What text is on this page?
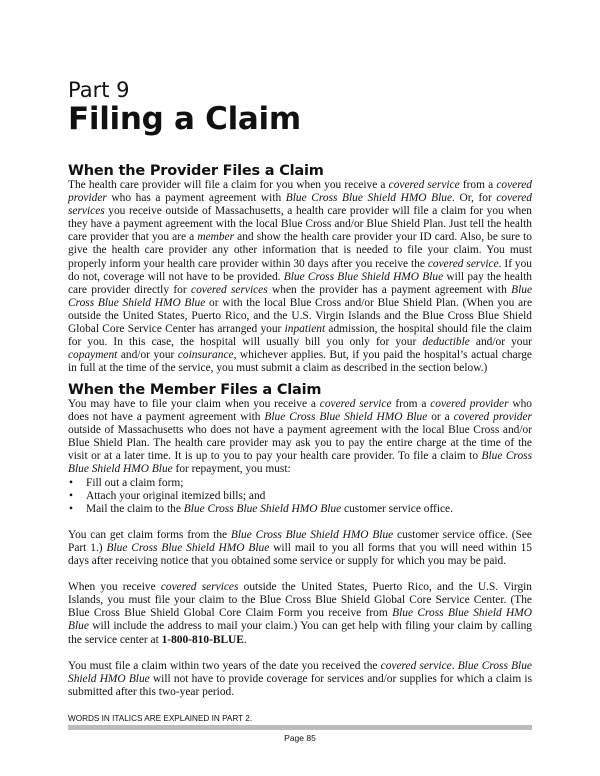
Part 9
Filing a Claim
When the Provider Files a Claim

The health care provider will file a claim for you when you receive a covered service from a covered provider who has a payment agreement with Blue Cross Blue Shield HMO Blue. Or, for covered services you receive outside of Massachusetts, a health care provider will file a claim for you when they have a payment agreement with the local Blue Cross and/or Blue Shield Plan. Just tell the health care provider that you are a member and show the health care provider your ID card. Also, be sure to give the health care provider any other information that is needed to file your claim. You must properly inform your health care provider within 30 days after you receive the covered service. If you do not, coverage will not have to be provided. Blue Cross Blue Shield HMO Blue will pay the health care provider directly for covered services when the provider has a payment agreement with Blue Cross Blue Shield HMO Blue or with the local Blue Cross and/or Blue Shield Plan. (When you are outside the United States, Puerto Rico, and the U.S. Virgin Islands and the Blue Cross Blue Shield Global Core Service Center has arranged your inpatient admission, the hospital should file the claim for you. In this case, the hospital will usually bill you only for your deductible and/or your copayment and/or your coinsurance, whichever applies. But, if you paid the hospital’s actual charge in full at the time of the service, you must submit a claim as described in the section below.)

When the Member Files a Claim

You may have to file your claim when you receive a covered service from a covered provider who does not have a payment agreement with Blue Cross Blue Shield HMO Blue or a covered provider outside of Massachusetts who does not have a payment agreement with the local Blue Cross and/or Blue Shield Plan. The health care provider may ask you to pay the entire charge at the time of the visit or at a later time. It is up to you to pay your health care provider. To file a claim to Blue Cross Blue Shield HMO Blue for repayment, you must:

• Fill out a claim form;
• Attach your original itemized bills; and
• Mail the claim to the Blue Cross Blue Shield HMO Blue customer service office.

You can get claim forms from the Blue Cross Blue Shield HMO Blue customer service office. (See Part 1.) Blue Cross Blue Shield HMO Blue will mail to you all forms that you will need within 15 days after receiving notice that you obtained some service or supply for which you may be paid.

When you receive covered services outside the United States, Puerto Rico, and the U.S. Virgin Islands, you must file your claim to the Blue Cross Blue Shield Global Core Service Center. (The Blue Cross Blue Shield Global Core Claim Form you receive from Blue Cross Blue Shield HMO Blue will include the address to mail your claim.) You can get help with filing your claim by calling the service center at 1-800-810-BLUE.

You must file a claim within two years of the date you received the covered service. Blue Cross Blue Shield HMO Blue will not have to provide coverage for services and/or supplies for which a claim is submitted after this two-year period.

WORDS IN ITALICS ARE EXPLAINED IN PART 2.
Page 85
